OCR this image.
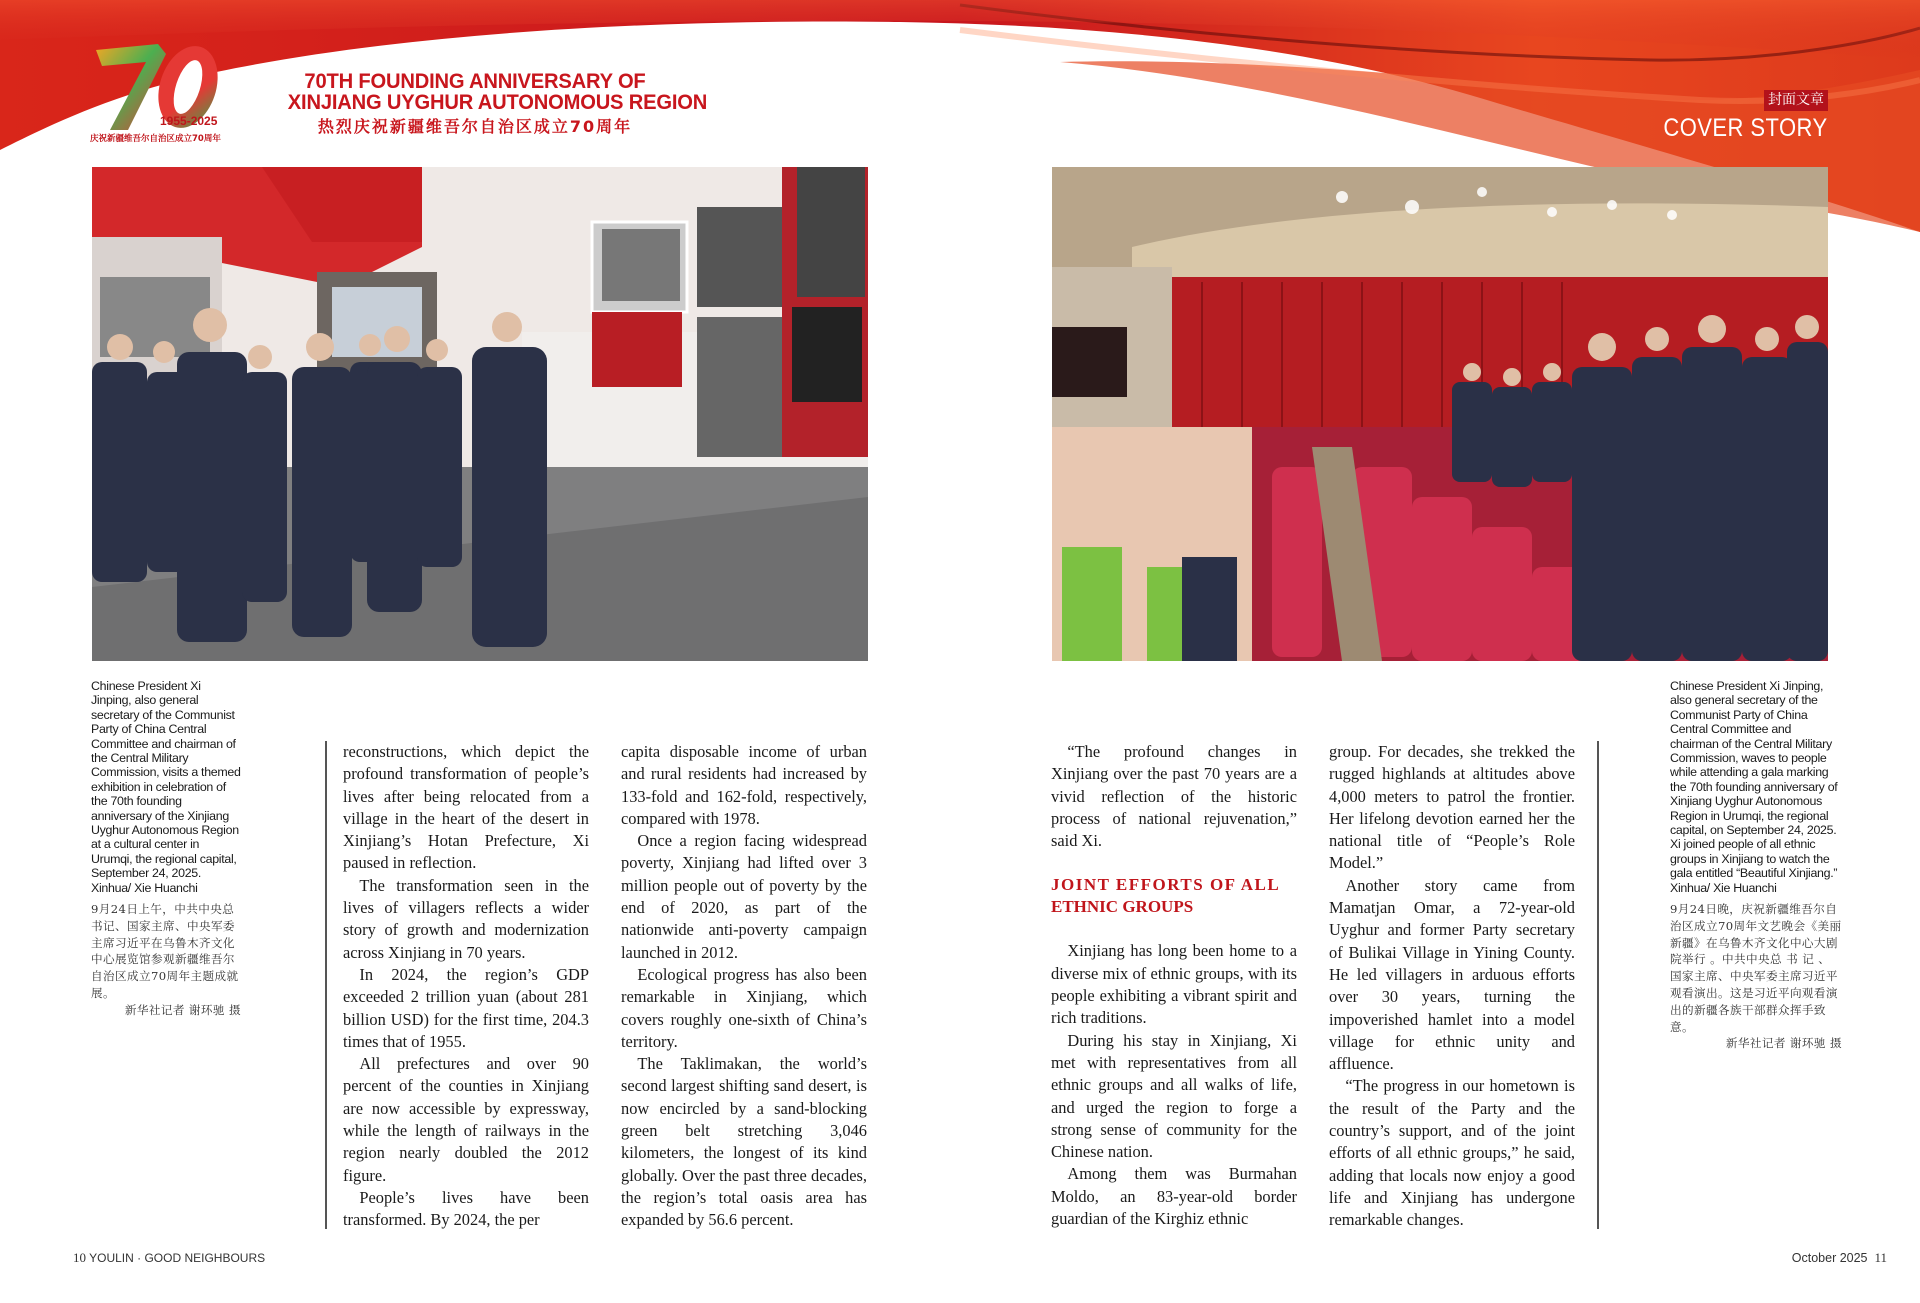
1955-2025
庆祝新疆维吾尔自治区成立70周年
70TH FOUNDING ANNIVERSARY OF
XINJIANG UYGHUR AUTONOMOUS REGION
热烈庆祝新疆维吾尔自治区成立70周年
封面文章
COVER STORY
Chinese President Xi Jinping, also general secretary of the Communist Party of China Central Committee and chairman of the Central Military Commission, visits a themed exhibition in celebration of the 70th founding anniversary of the Xinjiang Uyghur Autonomous Region at a cultural center in Urumqi, the regional capital, September 24, 2025.
Xinhua/ Xie Huanchi
9月24日上午，中共中央总书记、国家主席、中央军委主席习近平在乌鲁木齐文化中心展览馆参观新疆维吾尔自治区成立70周年主题成就展。
新华社记者 谢环驰 摄
Chinese President Xi Jinping, also general secretary of the Communist Party of China Central Committee and chairman of the Central Military Commission, waves to people while attending a gala marking the 70th founding anniversary of Xinjiang Uyghur Autonomous Region in Urumqi, the regional capital, on September 24, 2025. Xi joined people of all ethnic groups in Xinjiang to watch the gala entitled “Beautiful Xinjiang.”
Xinhua/ Xie Huanchi
9月24日晚，庆祝新疆维吾尔自治区成立70周年文艺晚会《美丽新疆》在乌鲁木齐文化中心大剧院举行 。中共中央总 书 记 、国家主席、中央军委主席习近平观看演出。这是习近平向观看演出的新疆各族干部群众挥手致意。
新华社记者 谢环驰 摄

reconstructions, which depict the profound transformation of people’s lives after being relocated from a village in the heart of the desert in Xinjiang’s Hotan Prefecture, Xi paused in reflection.

The transformation seen in the lives of villagers reflects a wider story of growth and modernization across Xinjiang in 70 years.

In 2024, the region’s GDP exceeded 2 trillion yuan (about 281 billion USD) for the first time, 204.3 times that of 1955.

All prefectures and over 90 percent of the counties in Xinjiang are now accessible by expressway, while the length of railways in the region nearly doubled the 2012 figure.

People’s lives have been transformed. By 2024, the per

capita disposable income of urban and rural residents had increased by 133-fold and 162-fold, respectively, compared with 1978.

Once a region facing widespread poverty, Xinjiang had lifted over 3 million people out of poverty by the end of 2020, as part of the nationwide anti-poverty campaign launched in 2012.

Ecological progress has also been remarkable in Xinjiang, which covers roughly one-sixth of China’s territory.

The Taklimakan, the world’s second largest shifting sand desert, is now encircled by a sand-blocking green belt stretching 3,046 kilometers, the longest of its kind globally. Over the past three decades, the region’s total oasis area has expanded by 56.6 percent.

“The profound changes in Xinjiang over the past 70 years are a vivid reflection of the historic process of national rejuvenation,” said Xi.

JOINT EFFORTS OF ALL
ETHNIC GROUPS

Xinjiang has long been home to a diverse mix of ethnic groups, with its people exhibiting a vibrant spirit and rich traditions.

During his stay in Xinjiang, Xi met with representatives from all ethnic groups and all walks of life, and urged the region to forge a strong sense of community for the Chinese nation.

Among them was Burmahan Moldo, an 83-year-old border guardian of the Kirghiz ethnic

group. For decades, she trekked the rugged highlands at altitudes above 4,000 meters to patrol the frontier. Her lifelong devotion earned her the national title of “People’s Role Model.”

Another story came from Mamatjan Omar, a 72-year-old Uyghur and former Party secretary of Bulikai Village in Yining County. He led villagers in arduous efforts over 30 years, turning the impoverished hamlet into a model village for ethnic unity and affluence.

“The progress in our hometown is the result of the Party and the country’s support, and of the joint efforts of all ethnic groups,” he said, adding that locals now enjoy a good life and Xinjiang has undergone remarkable changes.

10 YOULIN · GOOD NEIGHBOURS	October 2025 11
